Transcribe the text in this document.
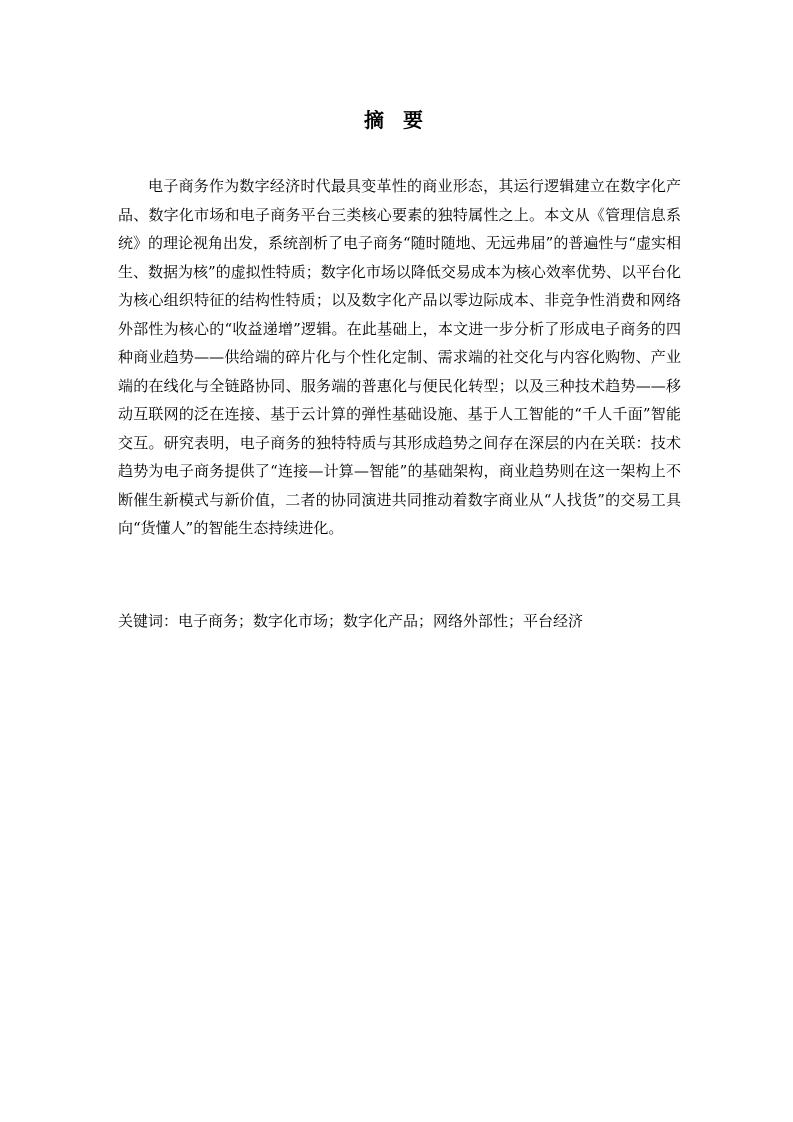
摘 要

电子商务作为数字经济时代最具变革性的商业形态，其运行逻辑建立在数字化产品、数字化市场和电子商务平台三类核心要素的独特属性之上。本文从《管理信息系统》的理论视角出发，系统剖析了电子商务“随时随地、无远弗届”的普遍性与“虚实相生、数据为核”的虚拟性特质；数字化市场以降低交易成本为核心效率优势、以平台化为核心组织特征的结构性特质；以及数字化产品以零边际成本、非竞争性消费和网络外部性为核心的“收益递增”逻辑。在此基础上，本文进一步分析了形成电子商务的四种商业趋势——供给端的碎片化与个性化定制、需求端的社交化与内容化购物、产业端的在线化与全链路协同、服务端的普惠化与便民化转型；以及三种技术趋势——移动互联网的泛在连接、基于云计算的弹性基础设施、基于人工智能的“千人千面”智能交互。研究表明，电子商务的独特特质与其形成趋势之间存在深层的内在关联：技术趋势为电子商务提供了“连接—计算—智能”的基础架构，商业趋势则在这一架构上不断催生新模式与新价值，二者的协同演进共同推动着数字商业从“人找货”的交易工具向“货懂人”的智能生态持续进化。

关键词：电子商务；数字化市场；数字化产品；网络外部性；平台经济
